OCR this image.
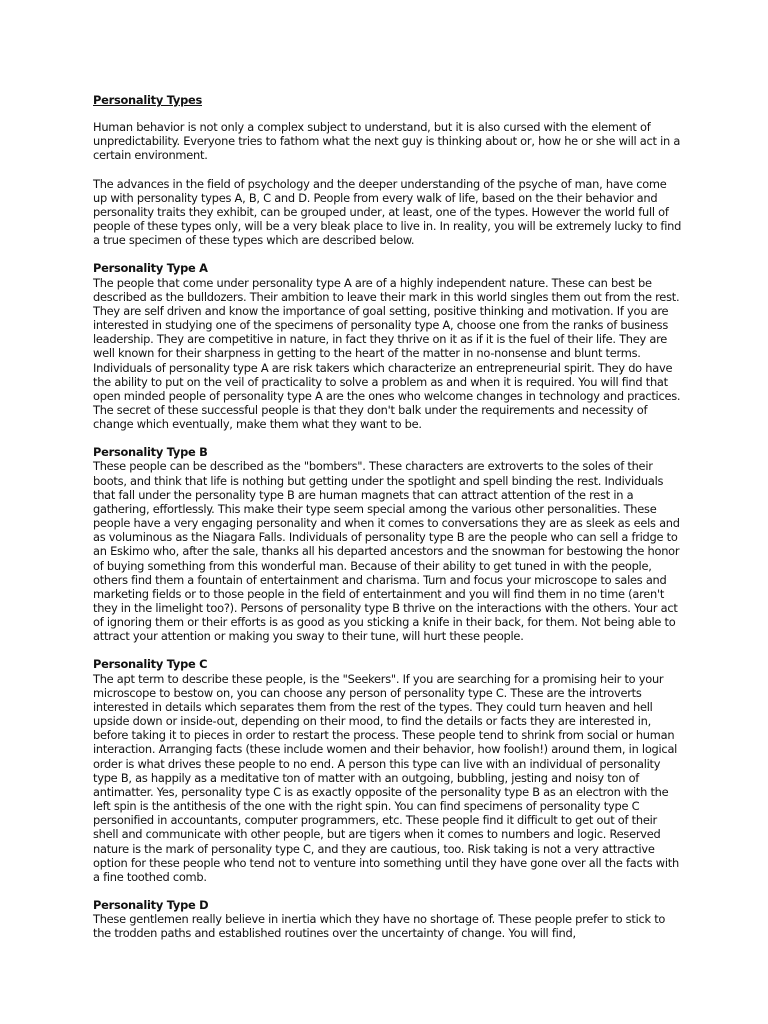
Personality Types

Human behavior is not only a complex subject to understand, but it is also cursed with the element of unpredictability. Everyone tries to fathom what the next guy is thinking about or, how he or she will act in a certain environment.

The advances in the field of psychology and the deeper understanding of the psyche of man, have come up with personality types A, B, C and D. People from every walk of life, based on the their behavior and personality traits they exhibit, can be grouped under, at least, one of the types. However the world full of people of these types only, will be a very bleak place to live in. In reality, you will be extremely lucky to find a true specimen of these types which are described below.

Personality Type A

The people that come under personality type A are of a highly independent nature. These can best be described as the bulldozers. Their ambition to leave their mark in this world singles them out from the rest. They are self driven and know the importance of goal setting, positive thinking and motivation. If you are interested in studying one of the specimens of personality type A, choose one from the ranks of business leadership. They are competitive in nature, in fact they thrive on it as if it is the fuel of their life. They are well known for their sharpness in getting to the heart of the matter in no-nonsense and blunt terms. Individuals of personality type A are risk takers which characterize an entrepreneurial spirit. They do have the ability to put on the veil of practicality to solve a problem as and when it is required. You will find that open minded people of personality type A are the ones who welcome changes in technology and practices. The secret of these successful people is that they don't balk under the requirements and necessity of change which eventually, make them what they want to be.

Personality Type B

These people can be described as the "bombers". These characters are extroverts to the soles of their boots, and think that life is nothing but getting under the spotlight and spell binding the rest. Individuals that fall under the personality type B are human magnets that can attract attention of the rest in a gathering, effortlessly. This make their type seem special among the various other personalities. These people have a very engaging personality and when it comes to conversations they are as sleek as eels and as voluminous as the Niagara Falls. Individuals of personality type B are the people who can sell a fridge to an Eskimo who, after the sale, thanks all his departed ancestors and the snowman for bestowing the honor of buying something from this wonderful man. Because of their ability to get tuned in with the people, others find them a fountain of entertainment and charisma. Turn and focus your microscope to sales and marketing fields or to those people in the field of entertainment and you will find them in no time (aren't they in the limelight too?). Persons of personality type B thrive on the interactions with the others. Your act of ignoring them or their efforts is as good as you sticking a knife in their back, for them. Not being able to attract your attention or making you sway to their tune, will hurt these people.

Personality Type C

The apt term to describe these people, is the "Seekers". If you are searching for a promising heir to your microscope to bestow on, you can choose any person of personality type C. These are the introverts interested in details which separates them from the rest of the types. They could turn heaven and hell upside down or inside-out, depending on their mood, to find the details or facts they are interested in, before taking it to pieces in order to restart the process. These people tend to shrink from social or human interaction. Arranging facts (these include women and their behavior, how foolish!) around them, in logical order is what drives these people to no end. A person this type can live with an individual of personality type B, as happily as a meditative ton of matter with an outgoing, bubbling, jesting and noisy ton of antimatter. Yes, personality type C is as exactly opposite of the personality type B as an electron with the left spin is the antithesis of the one with the right spin. You can find specimens of personality type C personified in accountants, computer programmers, etc. These people find it difficult to get out of their shell and communicate with other people, but are tigers when it comes to numbers and logic. Reserved nature is the mark of personality type C, and they are cautious, too. Risk taking is not a very attractive option for these people who tend not to venture into something until they have gone over all the facts with a fine toothed comb.

Personality Type D

These gentlemen really believe in inertia which they have no shortage of. These people prefer to stick to the trodden paths and established routines over the uncertainty of change. You will find,
